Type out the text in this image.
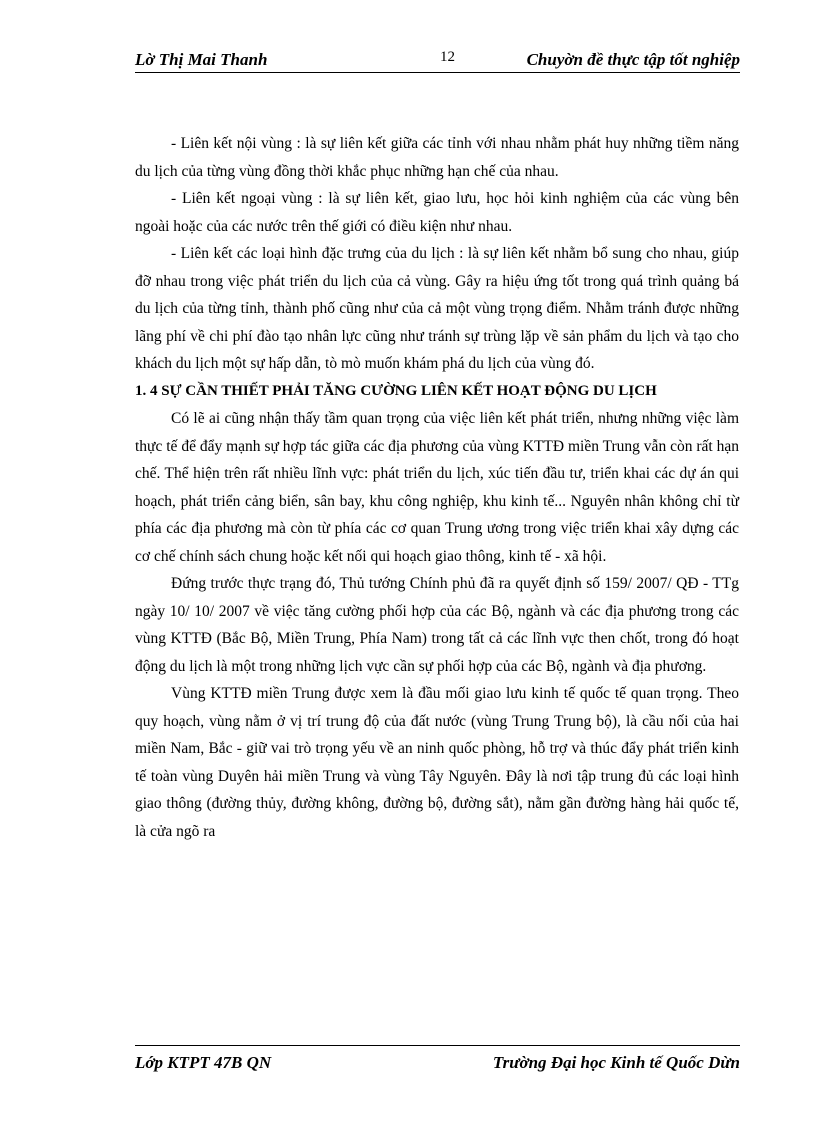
Lờ Thị Mai Thanh	12	Chuyờn đề thực tập tốt nghiệp

- Liên kết nội vùng : là sự liên kết giữa các tỉnh với nhau nhằm phát huy những tiềm năng du lịch của từng vùng đồng thời khắc phục những hạn chế của nhau.

- Liên kết ngoại vùng : là sự liên kết, giao lưu, học hỏi kinh nghiệm của các vùng bên ngoài hoặc của các nước trên thế giới có điều kiện như nhau.

- Liên kết các loại hình đặc trưng của du lịch : là sự liên kết nhằm bổ sung cho nhau, giúp đỡ nhau trong việc phát triển du lịch của cả vùng. Gây ra hiệu ứng tốt trong quá trình quảng bá du lịch của từng tỉnh, thành phố cũng như của cả một vùng trọng điểm. Nhằm tránh được những lãng phí về chi phí đào tạo nhân lực cũng như tránh sự trùng lặp về sản phẩm du lịch và tạo cho khách du lịch một sự hấp dẫn, tò mò muốn khám phá du lịch của vùng đó.

1. 4 SỰ CẦN THIẾT PHẢI TĂNG CƯỜNG LIÊN KẾT HOẠT ĐỘNG DU LỊCH

Có lẽ ai cũng nhận thấy tầm quan trọng của việc liên kết phát triển, nhưng những việc làm thực tế để đẩy mạnh sự hợp tác giữa các địa phương của vùng KTTĐ miền Trung vẫn còn rất hạn chế. Thể hiện trên rất nhiều lĩnh vực: phát triển du lịch, xúc tiến đầu tư, triển khai các dự án qui hoạch, phát triển cảng biển, sân bay, khu công nghiệp, khu kinh tế... Nguyên nhân không chỉ từ phía các địa phương mà còn từ phía các cơ quan Trung ương trong việc triển khai xây dựng các cơ chế chính sách chung hoặc kết nối qui hoạch giao thông, kinh tế - xã hội.

Đứng trước thực trạng đó, Thủ tướng Chính phủ đã ra quyết định số 159/ 2007/ QĐ - TTg ngày 10/ 10/ 2007 về việc tăng cường phối hợp của các Bộ, ngành và các địa phương trong các vùng KTTĐ (Bắc Bộ, Miền Trung, Phía Nam) trong tất cả các lĩnh vực then chốt, trong đó hoạt động du lịch là một trong những lịch vực cần sự phối hợp của các Bộ, ngành và địa phương.

Vùng KTTĐ miền Trung được xem là đầu mối giao lưu kinh tế quốc tế quan trọng. Theo quy hoạch, vùng nằm ở vị trí trung độ của đất nước (vùng Trung Trung bộ), là cầu nối của hai miền Nam, Bắc - giữ vai trò trọng yếu về an ninh quốc phòng, hỗ trợ và thúc đẩy phát triển kinh tế toàn vùng Duyên hải miền Trung và vùng Tây Nguyên. Đây là nơi tập trung đủ các loại hình giao thông (đường thủy, đường không, đường bộ, đường sắt), nằm gần đường hàng hải quốc tế, là cửa ngõ ra

Lớp KTPT 47B QN	Trường Đại học Kinh tế Quốc Dừn
